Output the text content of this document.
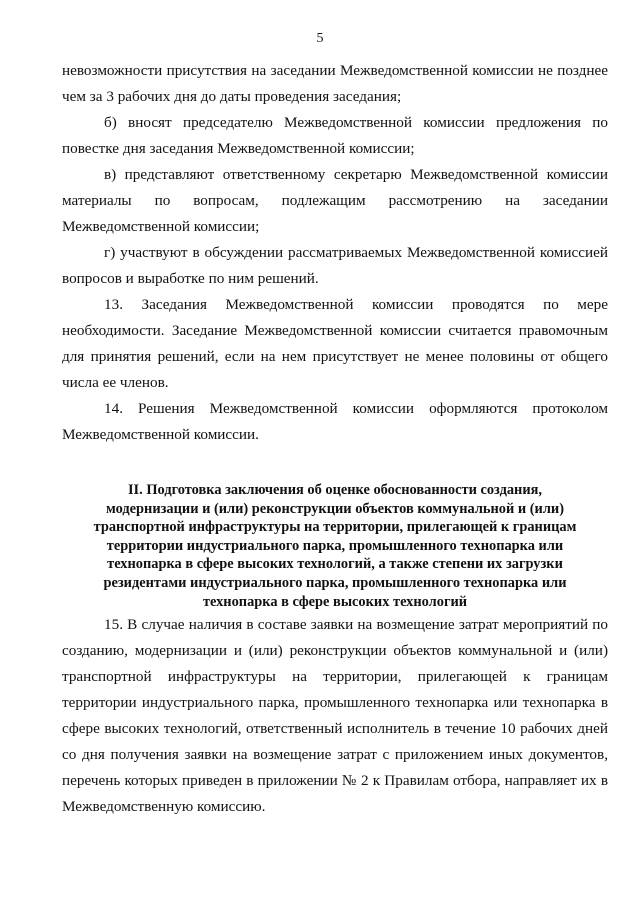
5

невозможности присутствия на заседании Межведомственной комиссии не позднее чем за 3 рабочих дня до даты проведения заседания;

б) вносят председателю Межведомственной комиссии предложения по повестке дня заседания Межведомственной комиссии;

в) представляют ответственному секретарю Межведомственной комиссии материалы по вопросам, подлежащим рассмотрению на заседании Межведомственной комиссии;

г) участвуют в обсуждении рассматриваемых Межведомственной комиссией вопросов и выработке по ним решений.

13. Заседания Межведомственной комиссии проводятся по мере необходимости. Заседание Межведомственной комиссии считается правомочным для принятия решений, если на нем присутствует не менее половины от общего числа ее членов.

14. Решения Межведомственной комиссии оформляются протоколом Межведомственной комиссии.

II. Подготовка заключения об оценке обоснованности создания,
модернизации и (или) реконструкции объектов коммунальной и (или)
транспортной инфраструктуры на территории, прилегающей к границам
территории индустриального парка, промышленного технопарка или
технопарка в сфере высоких технологий, а также степени их загрузки
резидентами индустриального парка, промышленного технопарка или
технопарка в сфере высоких технологий

15. В случае наличия в составе заявки на возмещение затрат мероприятий по созданию, модернизации и (или) реконструкции объектов коммунальной и (или) транспортной инфраструктуры на территории, прилегающей к границам территории индустриального парка, промышленного технопарка или технопарка в сфере высоких технологий, ответственный исполнитель в течение 10 рабочих дней со дня получения заявки на возмещение затрат с приложением иных документов, перечень которых приведен в приложении № 2 к Правилам отбора, направляет их в Межведомственную комиссию.
